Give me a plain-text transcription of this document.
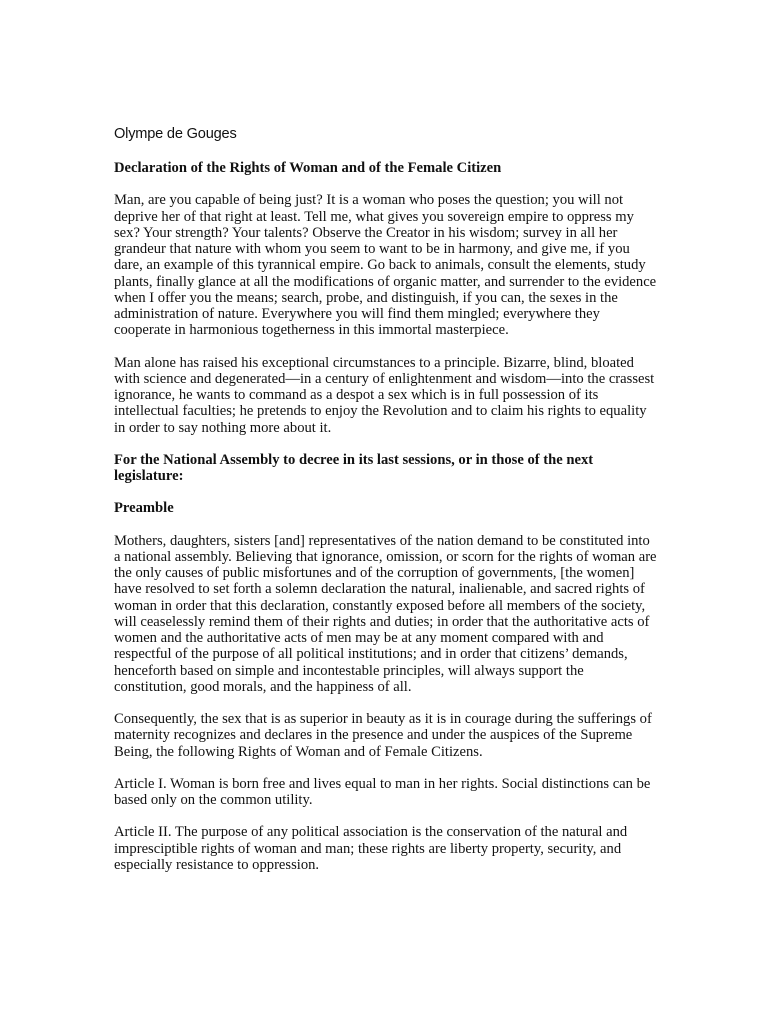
Olympe de Gouges
Declaration of the Rights of Woman and of the Female Citizen
Man, are you capable of being just? It is a woman who poses the question; you will not deprive her of that right at least. Tell me, what gives you sovereign empire to oppress my sex? Your strength? Your talents? Observe the Creator in his wisdom; survey in all her grandeur that nature with whom you seem to want to be in harmony, and give me, if you dare, an example of this tyrannical empire. Go back to animals, consult the elements, study plants, finally glance at all the modifications of organic matter, and surrender to the evidence when I offer you the means; search, probe, and distinguish, if you can, the sexes in the administration of nature. Everywhere you will find them mingled; everywhere they cooperate in harmonious togetherness in this immortal masterpiece.
Man alone has raised his exceptional circumstances to a principle. Bizarre, blind, bloated with science and degenerated—in a century of enlightenment and wisdom—into the crassest ignorance, he wants to command as a despot a sex which is in full possession of its intellectual faculties; he pretends to enjoy the Revolution and to claim his rights to equality in order to say nothing more about it.
For the National Assembly to decree in its last sessions, or in those of the next legislature:
Preamble
Mothers, daughters, sisters [and] representatives of the nation demand to be constituted into a national assembly. Believing that ignorance, omission, or scorn for the rights of woman are the only causes of public misfortunes and of the corruption of governments, [the women] have resolved to set forth a solemn declaration the natural, inalienable, and sacred rights of woman in order that this declaration, constantly exposed before all members of the society, will ceaselessly remind them of their rights and duties; in order that the authoritative acts of women and the authoritative acts of men may be at any moment compared with and respectful of the purpose of all political institutions; and in order that citizens’ demands, henceforth based on simple and incontestable principles, will always support the constitution, good morals, and the happiness of all.
Consequently, the sex that is as superior in beauty as it is in courage during the sufferings of maternity recognizes and declares in the presence and under the auspices of the Supreme Being, the following Rights of Woman and of Female Citizens.
Article I. Woman is born free and lives equal to man in her rights. Social distinctions can be based only on the common utility.
Article II. The purpose of any political association is the conservation of the natural and impresciptible rights of woman and man; these rights are liberty property, security, and especially resistance to oppression.
